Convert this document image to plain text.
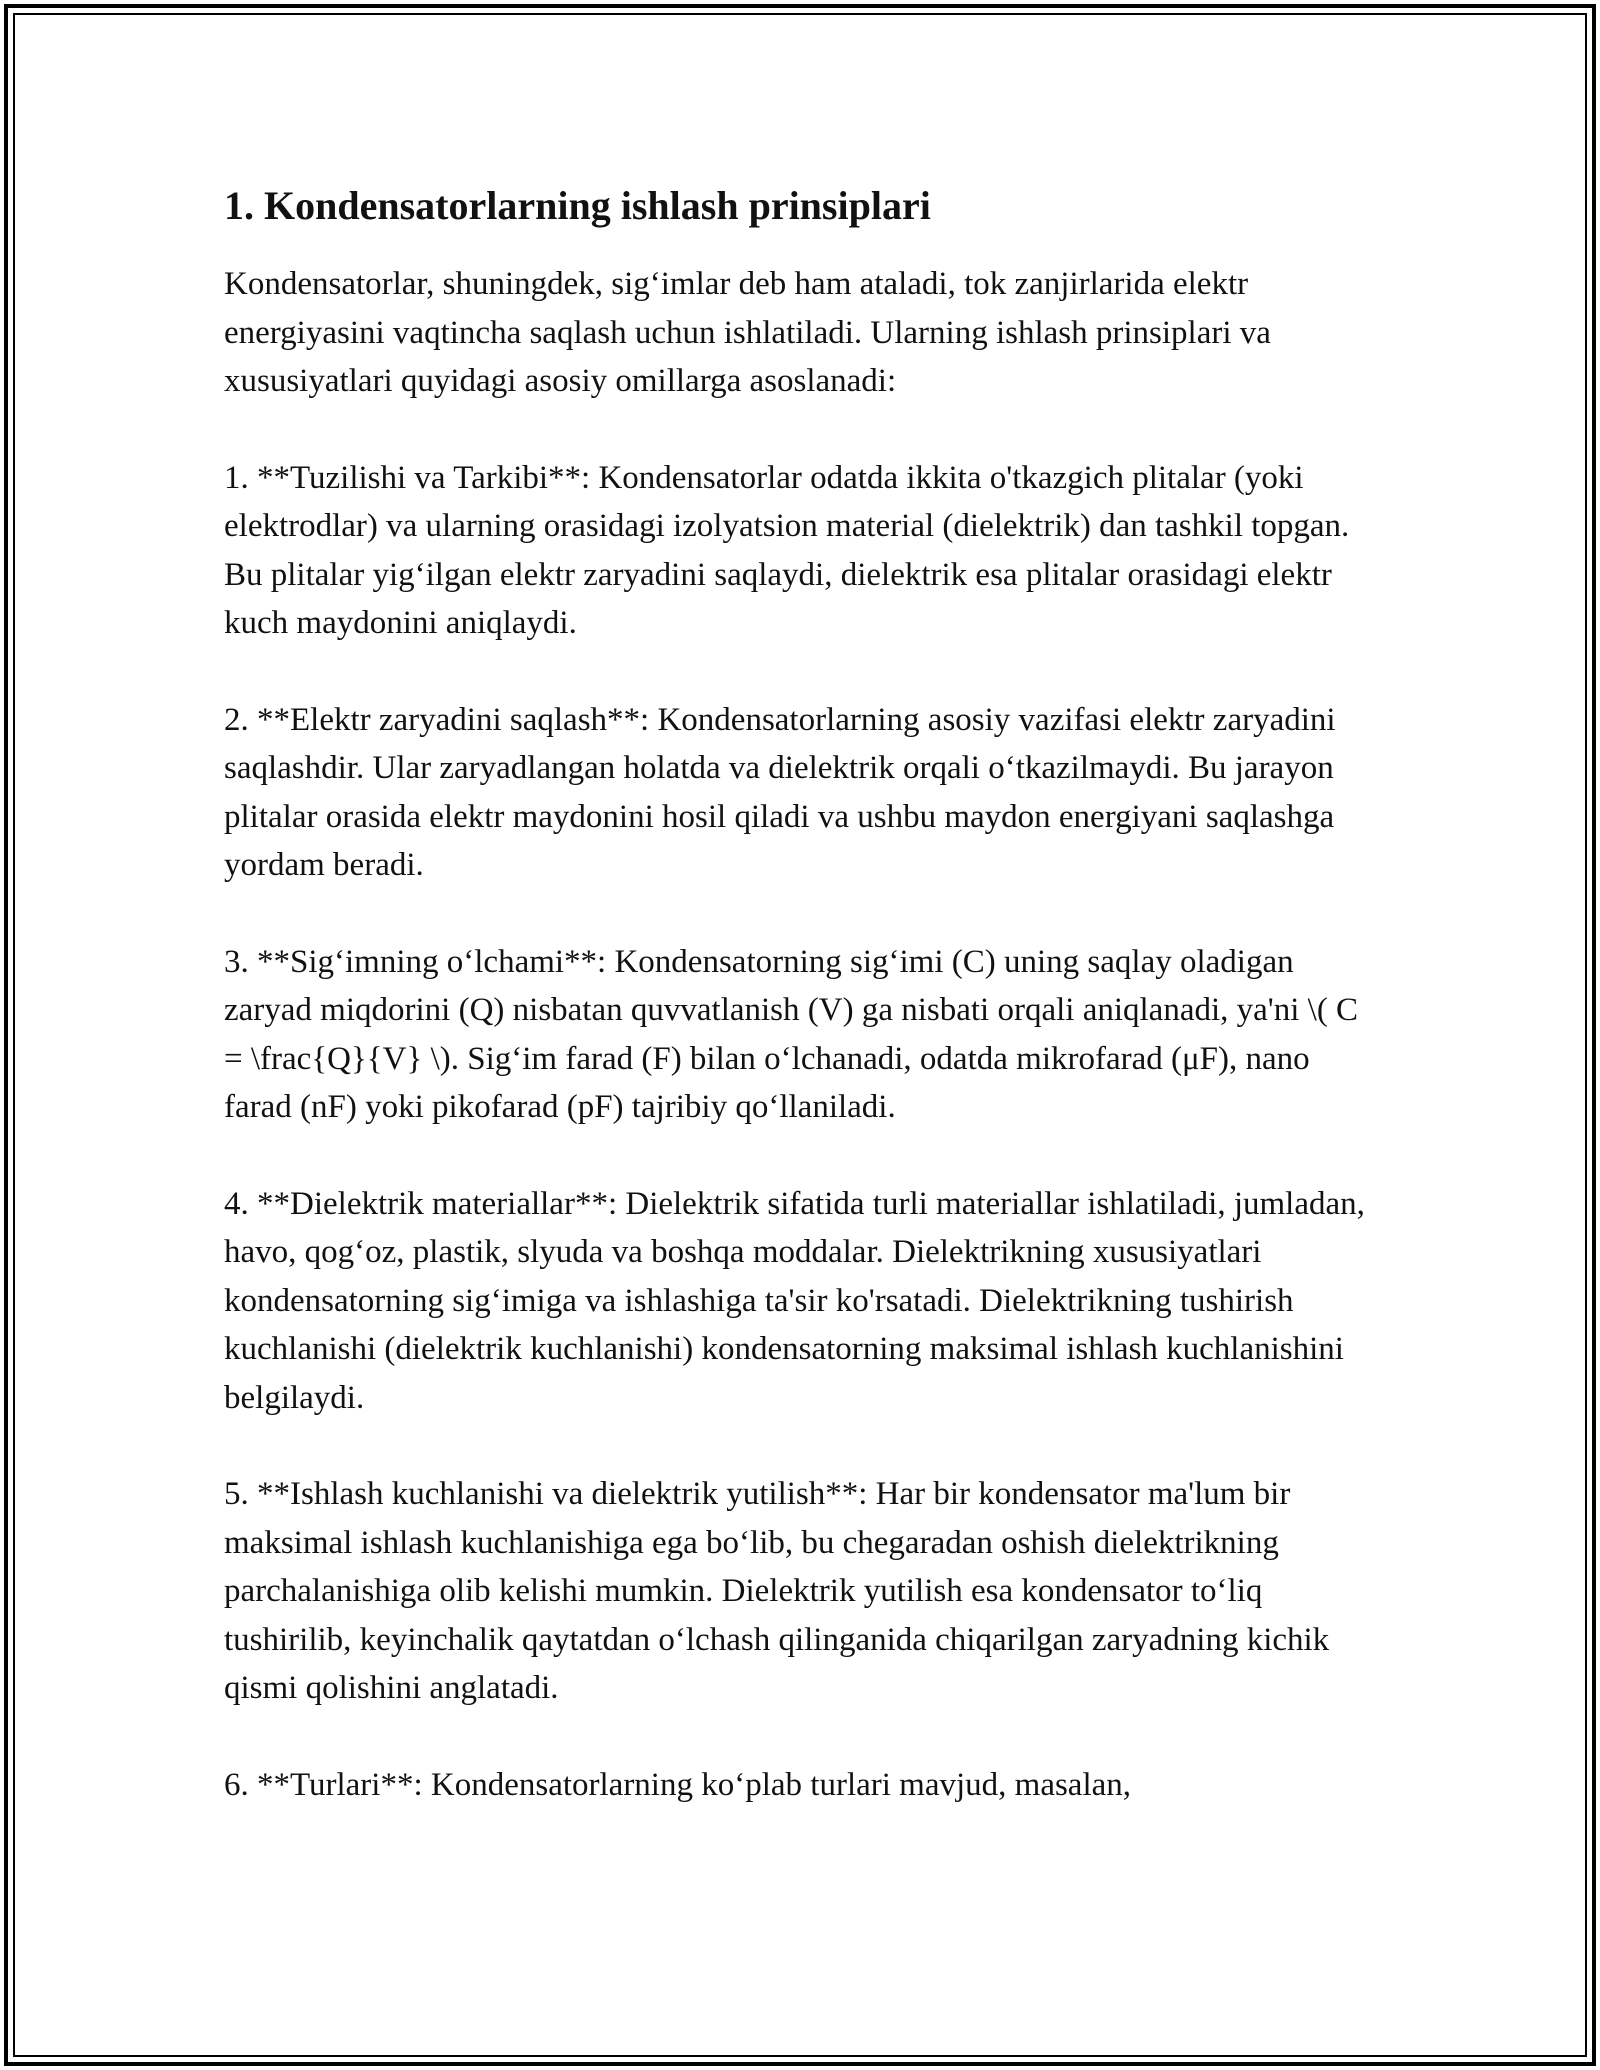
1. Kondensatorlarning ishlash prinsiplari

Kondensatorlar, shuningdek, sig‘imlar deb ham ataladi, tok zanjirlarida elektr energiyasini vaqtincha saqlash uchun ishlatiladi. Ularning ishlash prinsiplari va xususiyatlari quyidagi asosiy omillarga asoslanadi:

1. **Tuzilishi va Tarkibi**: Kondensatorlar odatda ikkita o'tkazgich plitalar (yoki elektrodlar) va ularning orasidagi izolyatsion material (dielektrik) dan tashkil topgan. Bu plitalar yig‘ilgan elektr zaryadini saqlaydi, dielektrik esa plitalar orasidagi elektr kuch maydonini aniqlaydi.

2. **Elektr zaryadini saqlash**: Kondensatorlarning asosiy vazifasi elektr zaryadini saqlashdir. Ular zaryadlangan holatda va dielektrik orqali o‘tkazilmaydi. Bu jarayon plitalar orasida elektr maydonini hosil qiladi va ushbu maydon energiyani saqlashga yordam beradi.

3. **Sig‘imning o‘lchami**: Kondensatorning sig‘imi (C) uning saqlay oladigan zaryad miqdorini (Q) nisbatan quvvatlanish (V) ga nisbati orqali aniqlanadi, ya'ni \( C = \frac{Q}{V} \). Sig‘im farad (F) bilan o‘lchanadi, odatda mikrofarad (μF), nano farad (nF) yoki pikofarad (pF) tajribiy qo‘llaniladi.

4. **Dielektrik materiallar**: Dielektrik sifatida turli materiallar ishlatiladi, jumladan, havo, qog‘oz, plastik, slyuda va boshqa moddalar. Dielektrikning xususiyatlari kondensatorning sig‘imiga va ishlashiga ta'sir ko'rsatadi. Dielektrikning tushirish kuchlanishi (dielektrik kuchlanishi) kondensatorning maksimal ishlash kuchlanishini belgilaydi.

5. **Ishlash kuchlanishi va dielektrik yutilish**: Har bir kondensator ma'lum bir maksimal ishlash kuchlanishiga ega bo‘lib, bu chegaradan oshish dielektrikning parchalanishiga olib kelishi mumkin. Dielektrik yutilish esa kondensator to‘liq tushirilib, keyinchalik qaytatdan o‘lchash qilinganida chiqarilgan zaryadning kichik qismi qolishini anglatadi.

6. **Turlari**: Kondensatorlarning ko‘plab turlari mavjud, masalan,
